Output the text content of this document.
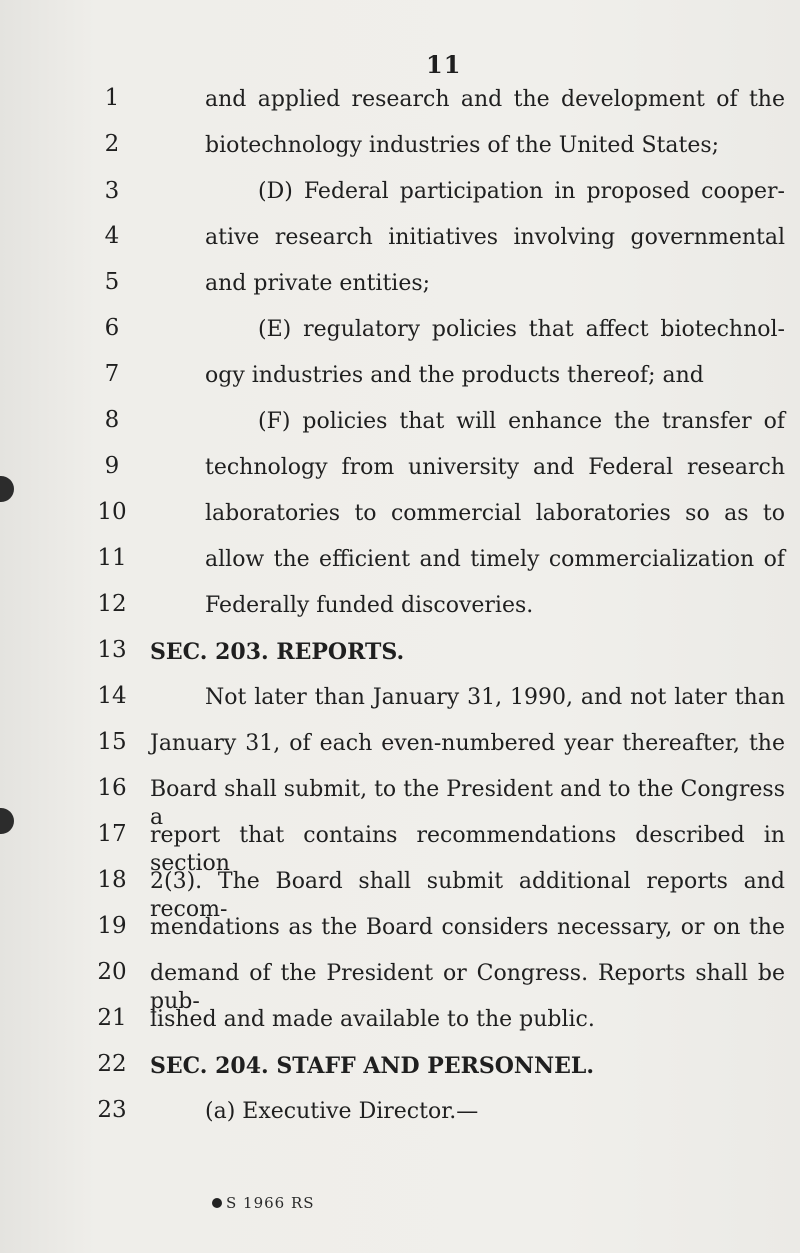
11
1
2
3
4
5
6
7
8
9
10
11
12
13
14
15
16
17
18
19
20
21
22
23
and applied research and the development of the
biotechnology industries of the United States;
(D) Federal participation in proposed cooper-
ative research initiatives involving governmental
and private entities;
(E) regulatory policies that affect biotechnol-
ogy industries and the products thereof; and
(F) policies that will enhance the transfer of
technology from university and Federal research
laboratories to commercial laboratories so as to
allow the efficient and timely commercialization of
Federally funded discoveries.
SEC. 203. REPORTS.
Not later than January 31, 1990, and not later than
January 31, of each even-numbered year thereafter, the
Board shall submit, to the President and to the Congress a
report that contains recommendations described in section
2(3). The Board shall submit additional reports and recom-
mendations as the Board considers necessary, or on the
demand of the President or Congress. Reports shall be pub-
lished and made available to the public.
SEC. 204. STAFF AND PERSONNEL.
(a) Executive Director.—
S 1966 RS
